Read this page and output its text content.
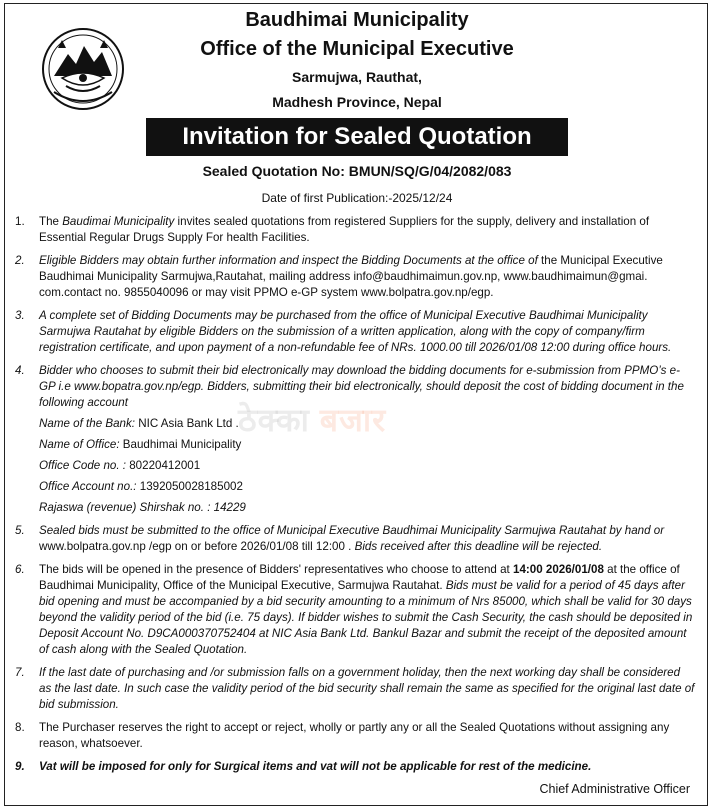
Baudhimai Municipality
Office of the Municipal Executive
Sarmujwa, Rauthat,
Madhesh Province, Nepal
Invitation for Sealed Quotation
Sealed Quotation No: BMUN/SQ/G/04/2082/083
Date of first Publication:-2025/12/24
ठेक्का बजार
1. The Baudimai Municipality invites sealed quotations from registered Suppliers for the supply, delivery and installation of Essential Regular Drugs Supply For health Facilities.
2. Eligible Bidders may obtain further information and inspect the Bidding Documents at the office of the Municipal Executive Baudhimai Municipality Sarmujwa,Rautahat, mailing address info@baudhimaimun.gov.np, www.baudhimaimun@gmai. com.contact no. 9855040096 or may visit PPMO e-GP system www.bolpatra.gov.np/egp.
3. A complete set of Bidding Documents may be purchased from the office of Municipal Executive Baudhimai Municipality Sarmujwa Rautahat by eligible Bidders on the submission of a written application, along with the copy of company/firm registration certificate, and upon payment of a non-refundable fee of NRs. 1000.00 till 2026/01/08 12:00 during office hours.
4. Bidder who chooses to submit their bid electronically may download the bidding documents for e-submission from PPMO’s e-GP i.e www.bopatra.gov.np/egp. Bidders, submitting their bid electronically, should deposit the cost of bidding document in the following account
Name of the Bank: NIC Asia Bank Ltd .
Name of Office: Baudhimai Municipality
Office Code no. : 80220412001
Office Account no.: 1392050028185002
Rajaswa (revenue) Shirshak no. : 14229
5. Sealed bids must be submitted to the office of Municipal Executive Baudhimai Municipality Sarmujwa Rautahat by hand or www.bolpatra.gov.np /egp on or before 2026/01/08 till 12:00 . Bids received after this deadline will be rejected.
6. The bids will be opened in the presence of Bidders' representatives who choose to attend at 14:00 2026/01/08 at the office of Baudhimai Municipality, Office of the Municipal Executive, Sarmujwa Rautahat. Bids must be valid for a period of 45 days after bid opening and must be accompanied by a bid security amounting to a minimum of Nrs 85000, which shall be valid for 30 days beyond the validity period of the bid (i.e. 75 days). If bidder wishes to submit the Cash Security, the cash should be deposited in Deposit Account No. D9CA000370752404 at NIC Asia Bank Ltd. Bankul Bazar and submit the receipt of the deposited amount of cash along with the Sealed Quotation.
7. If the last date of purchasing and /or submission falls on a government holiday, then the next working day shall be considered as the last date. In such case the validity period of the bid security shall remain the same as specified for the original last date of bid submission.
8. The Purchaser reserves the right to accept or reject, wholly or partly any or all the Sealed Quotations without assigning any reason, whatsoever.
9. Vat will be imposed for only for Surgical items and vat will not be applicable for rest of the medicine.
Chief Administrative Officer
